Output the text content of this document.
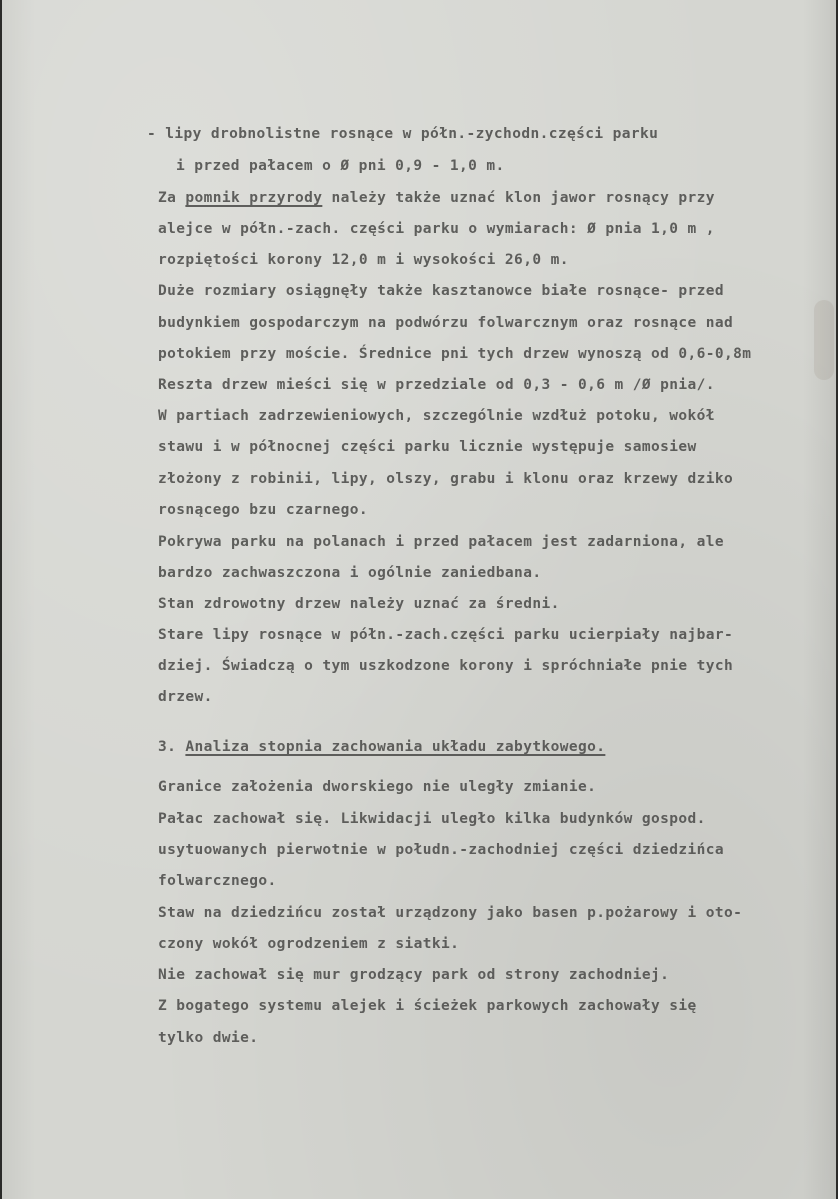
- lipy drobnolistne rosnące w półn.-zychodn.części parku
i przed pałacem o Ø pni 0,9 - 1,0 m.
Za pomnik przyrody należy także uznać klon jawor rosnący przy
alejce w półn.-zach. części parku o wymiarach: Ø pnia 1,0 m ,
rozpiętości korony 12,0 m i wysokości 26,0 m.
Duże rozmiary osiągnęły także kasztanowce białe rosnące- przed
budynkiem gospodarczym na podwórzu folwarcznym oraz rosnące nad
potokiem przy moście. Średnice pni tych drzew wynoszą od 0,6-0,8m
Reszta drzew mieści się w przedziale od 0,3 - 0,6 m /Ø pnia/.
W partiach zadrzewieniowych, szczególnie wzdłuż potoku, wokół
stawu i w północnej części parku licznie występuje samosiew
złożony z robinii, lipy, olszy, grabu i klonu oraz krzewy dziko
rosnącego bzu czarnego.
Pokrywa parku na polanach i przed pałacem jest zadarniona, ale
bardzo zachwaszczona i ogólnie zaniedbana.
Stan zdrowotny drzew należy uznać za średni.
Stare lipy rosnące w półn.-zach.części parku ucierpiały najbar-
dziej. Świadczą o tym uszkodzone korony i spróchniałe pnie tych
drzew.
3. Analiza stopnia zachowania układu zabytkowego.
Granice założenia dworskiego nie uległy zmianie.
Pałac zachował się. Likwidacji uległo kilka budynków gospod.
usytuowanych pierwotnie w połudn.-zachodniej części dziedzińca
folwarcznego.
Staw na dziedzińcu został urządzony jako basen p.pożarowy i oto-
czony wokół ogrodzeniem z siatki.
Nie zachował się mur grodzący park od strony zachodniej.
Z bogatego systemu alejek i ścieżek parkowych zachowały się
tylko dwie.
